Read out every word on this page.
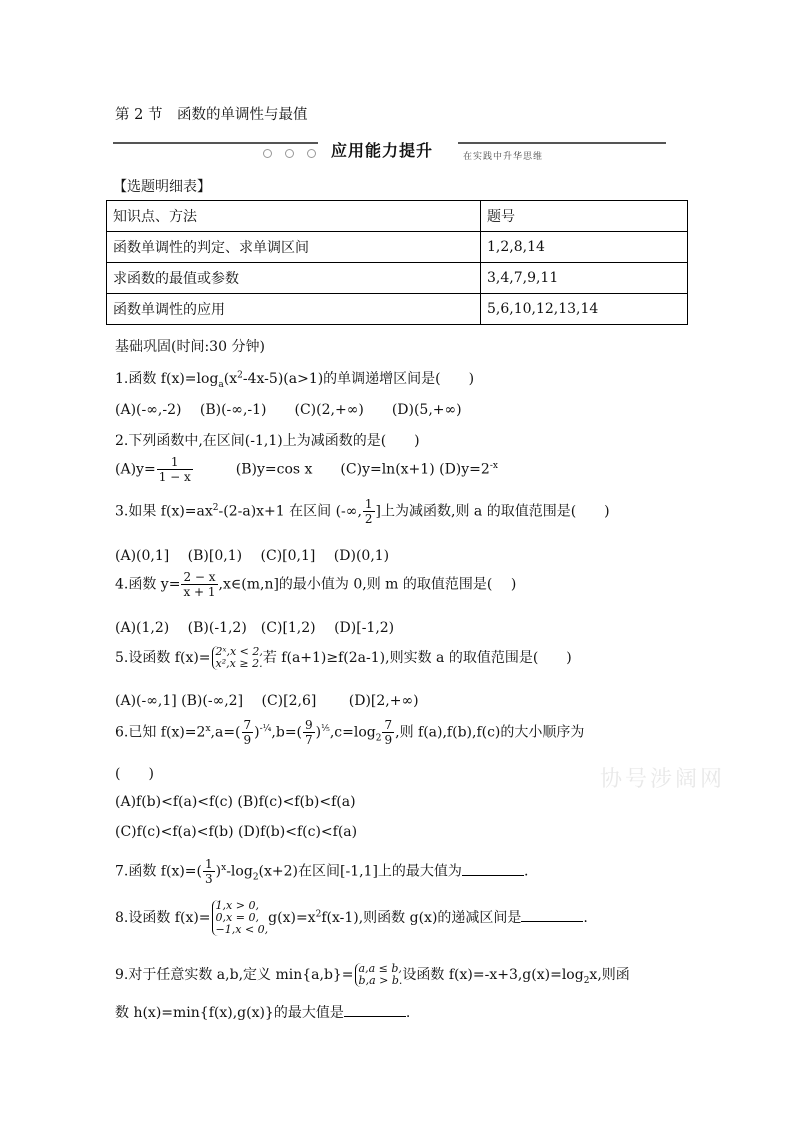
第 2 节　函数的单调性与最值
应用能力提升	在实践中升华思维
【选题明细表】
知识点、方法	题号
函数单调性的判定、求单调区间	1,2,8,14
求函数的最值或参数	3,4,7,9,11
函数单调性的应用	5,6,10,12,13,14
基础巩固(时间:30 分钟)
1.函数 $f(x)=\log_a(x^2-4x-5)(a>1)$的单调递增区间是(　　)
(A)(-∞,-2)　 (B)(-∞,-1)　　(C)(2,+∞)　　(D)(5,+∞)
2.下列函数中,在区间(-1,1)上为减函数的是(　　)
$(A)y= \frac{1}{1 - x}$ 　　　(B)y=cos x　　(C)y=ln(x+1) $(D)y=2^{-x}$
3.如果 $f(x)=ax^2-(2-a)x+1$ 在区间 (-∞, $\frac{1}{2}$ ]上为减函数,则 a 的取值范围是(　　)
(A)(0,1]　 (B)[0,1)　 (C)[0,1]　 (D)(0,1)
4.函数 $y= \frac{2 - x}{x + 1}$ ,x∈(m,n]的最小值为 0,则 m 的取值范围是(　 )
(A)(1,2)　 (B)(-1,2)　(C)[1,2)　 (D)[-1,2)
5.设函数 f(x)= 2ˣ,x < 2,
x²,x ≥ 2. 若 f(a+1)≥f(2a-1),则实数 a 的取值范围是(　　)
(A)(-∞,1] (B)(-∞,2]　 (C)[2,6]　　 (D)[2,+∞)
6.已知 $f(x)=2^x,a=( \frac{7}{9} )^{-\frac{1}{4}},b=( \frac{9}{7} )^{\frac{1}{5}},c=\log_2 \frac{7}{9}$ ,则 f(a),f(b),f(c)的大小顺序为
(　　)
(A)f(b)<f(a)<f(c) (B)f(c)<f(b)<f(a)
(C)f(c)<f(a)<f(b) (D)f(b)<f(c)<f(a)
7.函数 $f(x)=( \frac{1}{3} )^x-\log_2(x+2)$在区间[-1,1]上的最大值为	.
8.设函数 f(x)=
1,x > 0,
0,x = 0,
−1,x < 0,
$g(x)=x^2f(x-1)$,则函数 g(x)的递减区间是	.
9.对于任意实数 a,b,定义 min{a,b}= a,a ≤ b,
b,a > b. 设函数 $f(x)=-x+3,g(x)=\log_2x$,则函
数 h(x)=min{f(x),g(x)}的最大值是	.
协号涉阔网
